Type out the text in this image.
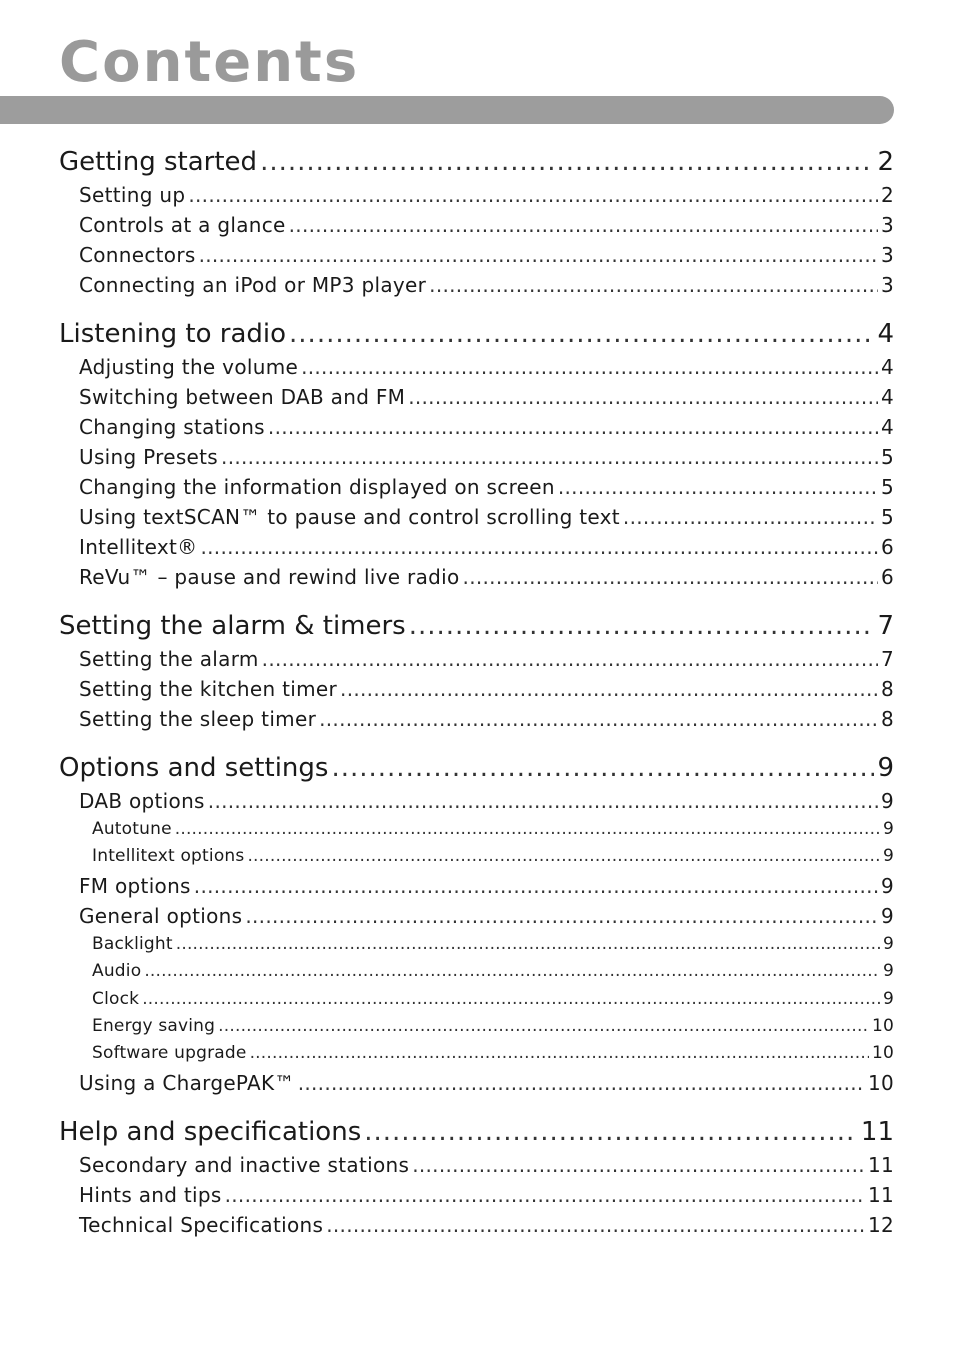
Contents
Getting started .....	2
Setting up .....	2
Controls at a glance .....	3
Connectors .....	3
Connecting an iPod or MP3 player .....	3
Listening to radio .....	4
Adjusting the volume .....	4
Switching between DAB and FM .....	4
Changing stations .....	4
Using Presets .....	5
Changing the information displayed on screen .....	5
Using textSCAN™ to pause and control scrolling text .....	5
Intellitext® .....	6
ReVu™ – pause and rewind live radio .....	6
Setting the alarm & timers .....	7
Setting the alarm .....	7
Setting the kitchen timer .....	8
Setting the sleep timer .....	8
Options and settings .....	9
DAB options .....	9
Autotune .....	9
Intellitext options .....	9
FM options .....	9
General options .....	9
Backlight .....	9
Audio .....	9
Clock .....	9
Energy saving .....	10
Software upgrade .....	10
Using a ChargePAK™ .....	10
Help and specifications .....	11
Secondary and inactive stations .....	11
Hints and tips .....	11
Technical Specifications .....	12
